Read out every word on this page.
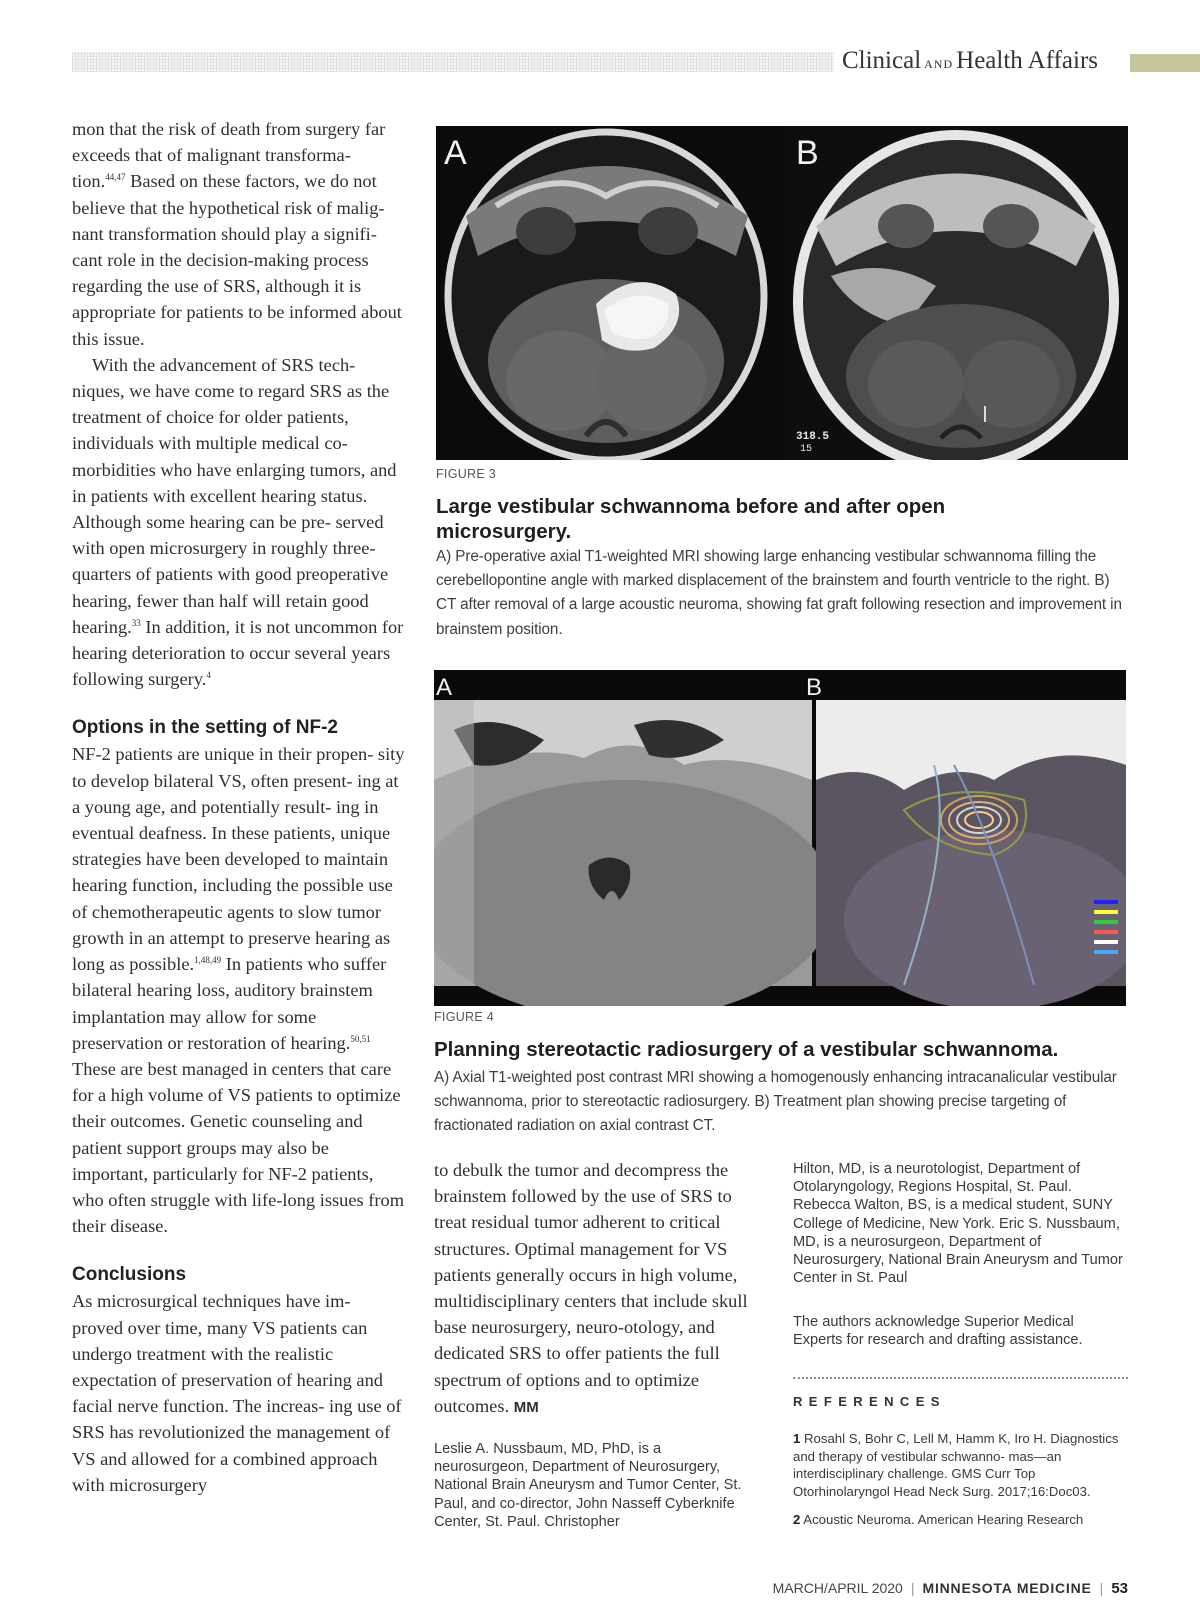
Clinical AND Health Affairs

mon that the risk of death from surgery far exceeds that of malignant transforma- tion.$^{44,47}$ Based on these factors, we do not believe that the hypothetical risk of malig- nant transformation should play a signifi- cant role in the decision-making process regarding the use of SRS, although it is appropriate for patients to be informed about this issue.

With the advancement of SRS tech- niques, we have come to regard SRS as the treatment of choice for older patients, individuals with multiple medical co- morbidities who have enlarging tumors, and in patients with excellent hearing status. Although some hearing can be pre- served with open microsurgery in roughly three-quarters of patients with good preoperative hearing, fewer than half will retain good hearing.$^{33}$ In addition, it is not uncommon for hearing deterioration to occur several years following surgery.$^4$

Options in the setting of NF-2

NF-2 patients are unique in their propen- sity to develop bilateral VS, often present- ing at a young age, and potentially result- ing in eventual deafness. In these patients, unique strategies have been developed to maintain hearing function, including the possible use of chemotherapeutic agents to slow tumor growth in an attempt to preserve hearing as long as possible.$^{1,48,49}$ In patients who suffer bilateral hearing loss, auditory brainstem implantation may allow for some preservation or restoration of hearing.$^{50,51}$ These are best managed in centers that care for a high volume of VS patients to optimize their outcomes. Genetic counseling and patient support groups may also be important, particularly for NF-2 patients, who often struggle with life-long issues from their disease.

Conclusions

As microsurgical techniques have im- proved over time, many VS patients can undergo treatment with the realistic expectation of preservation of hearing and facial nerve function. The increas- ing use of SRS has revolutionized the management of VS and allowed for a combined approach with microsurgery

A	B
318.5
15
FIGURE 3
Large vestibular schwannoma before and after open microsurgery.
A) Pre-operative axial T1-weighted MRI showing large enhancing vestibular schwannoma filling the cerebellopontine angle with marked displacement of the brainstem and fourth ventricle to the right. B) CT after removal of a large acoustic neuroma, showing fat graft following resection and improvement in brainstem position.
A	B
FIGURE 4
Planning stereotactic radiosurgery of a vestibular schwannoma.
A) Axial T1-weighted post contrast MRI showing a homogenously enhancing intracanalicular vestibular schwannoma, prior to stereotactic radiosurgery. B) Treatment plan showing precise targeting of fractionated radiation on axial contrast CT.

to debulk the tumor and decompress the brainstem followed by the use of SRS to treat residual tumor adherent to critical structures. Optimal management for VS patients generally occurs in high volume, multidisciplinary centers that include skull base neurosurgery, neuro-otology, and dedicated SRS to offer patients the full spectrum of options and to optimize outcomes. MM

Leslie A. Nussbaum, MD, PhD, is a neurosurgeon, Department of Neurosurgery, National Brain Aneurysm and Tumor Center, St. Paul, and co-director, John Nasseff Cyberknife Center, St. Paul. Christopher
Hilton, MD, is a neurotologist, Department of Otolaryngology, Regions Hospital, St. Paul. Rebecca Walton, BS, is a medical student, SUNY College of Medicine, New York. Eric S. Nussbaum, MD, is a neurosurgeon, Department of Neurosurgery, National Brain Aneurysm and Tumor Center in St. Paul
The authors acknowledge Superior Medical Experts for research and drafting assistance.
REFERENCES

1 Rosahl S, Bohr C, Lell M, Hamm K, Iro H. Diagnostics and therapy of vestibular schwanno- mas—an interdisciplinary challenge. GMS Curr Top Otorhinolaryngol Head Neck Surg. 2017;16:Doc03.

2 Acoustic Neuroma. American Hearing Research

MARCH/APRIL 2020 | MINNESOTA MEDICINE | 53
